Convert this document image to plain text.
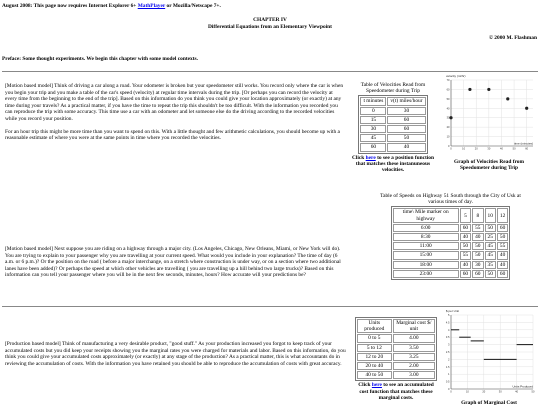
August 2008: This page now requires Internet Explorer 6+ MathPlayer or Mozilla/Netscape 7+.
CHAPTER IV
Differential Equations from an Elementary Viewpoint
© 2000 M. Flashman
Preface: Some thought experiments. We begin this chapter with some model contexts.
[Motion based model] Think of driving a car along a road. Your odometer is broken but your speedometer still works. You record only where the car is when you begin your trip and you make a table of the car's speed (velocity) at regular time intervals during the trip. [Or perhaps you can record the velocity at every time from the beginning to the end of the trip]. Based on this information do you think you could give your location approximately (or exactly) at any time during your travels? As a practical matter, if you have the time to repeat the trip this shouldn't be too difficult. With the information you recorded you can reproduce the trip with some accuracy. This time use a car with an odometer and let someone else do the driving according to the recorded velocities while you record your position.
For an hour trip this might be more time than you want to spend on this. With a little thought and few arithmetic calculations, you should become up with a reasonable estimate of where you were at the same points in time where you recorded the velocities.
Table of Velocities Read from Speedometer during Trip
t minutes	v(t) miles/hour
0	30
15	60
30	60
45	50
60	40
Click here to see a position function that matches these instanuneous velocities.
0
10
20
30
40
50
60
70
0	10	20	30	40	50	60
velocity (mi/hr)
time (minutes)
Graph of Velocities Read from Speedometer during Trip
[Motion based model] Next suppose you are riding on a highway through a major city. (Los Angeles, Chicago, New Orleans, Miami, or New York will do). You are trying to explain to your passenger why you are travelling at your current speed. What would you include in your explanation? The time of day (6 a.m. or 6 p.m.)? Or the position on the road ( before a major interchange, on a stretch where construction is under way, or on a section where two additional lanes have been added)? Or perhaps the speed at which other vehicles are travelling ( you are travelling up a hill behind two large trucks)? Based on this information can you tell your passenger where you will be in the next few seconds, minutes, hours? How accurate will your predictions be?
Table of Speeds on Highway 51 South through the City of Usk at various times of day.
time\ Mile marker on highway	5	8	10	12
6:00	60	55	50	60
8:30	40	40	25	50
11:00	50	50	45	55
15:00	55	50	45	40
18:00	40	30	35	40
23:00	60	60	50	60
[Production based model] Think of manufacturing a very desirable product, "good stuff." As your production increased you forgot to keep track of your accumulated costs but you did keep your receipts showing you the marginal rates you were charged for materials and labor. Based on this information, do you think you could give your accumulated costs approximately (or exactly) at any stage of the production? As a practical matter, this is what accountants do in reviewing the accumulation of costs. With the information you have retained you should be able to reproduce the accumulation of costs with great accuracy.
Units produced	Marginal cost $/ unit
0 to 5	4.00
5 to 12	3.50
12 to 20	3.25
20 to 40	2.00
40 to 50	3.00
Click here to see an accumulated cost function that matches these marginal costs.
0
0.5
1
1.5
2
2.5
3
3.5
4
4.5
5
0	10	20	30	40	50
$ per Unit
Units Produced
Graph of Marginal Cost
